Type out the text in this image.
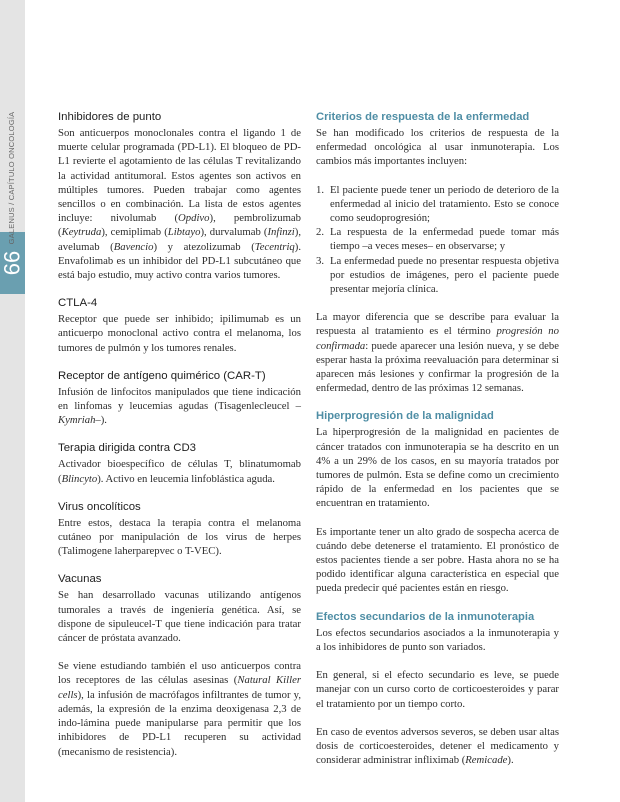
66
GALENUS / CAPÍTULO ONCOLOGÍA	Inhibidores de punto

Son anticuerpos monoclonales contra el ligando 1 de muerte celular programada (PD-L1). El bloqueo de PD-L1 revierte el agotamiento de las células T revitalizando la actividad antitumoral. Estos agentes son activos en múltiples tumores. Pueden trabajar como agentes sencillos o en combinación. La lista de estos agentes incluye: nivolumab (Opdivo), pembrolizumab (Keytruda), cemiplimab (Libtayo), durvalumab (Infinzi), avelumab (Bavencio) y atezolizumab (Tecentriq). Envafolimab es un inhibidor del PD-L1 subcutáneo que está bajo estudio, muy activo contra varios tumores.

CTLA-4

Receptor que puede ser inhibido; ipilimumab es un anticuerpo monoclonal activo contra el melanoma, los tumores de pulmón y los tumores renales.

Receptor de antígeno quimérico (CAR-T)

Infusión de linfocitos manipulados que tiene indicación en linfomas y leucemias agudas (Tisagenlecleucel –Kymriah–).

Terapia dirigida contra CD3

Activador bioespecífico de células T, blinatumomab (Blincyto). Activo en leucemia linfoblástica aguda.

Virus oncolíticos

Entre estos, destaca la terapia contra el melanoma cutáneo por manipulación de los virus de herpes (Talimogene laherparepvec o T-VEC).

Vacunas

Se han desarrollado vacunas utilizando antígenos tumorales a través de ingeniería genética. Así, se dispone de sipuleucel-T que tiene indicación para tratar cáncer de próstata avanzado.

Se viene estudiando también el uso anticuerpos contra los receptores de las células asesinas (Natural Killer cells), la infusión de macrófagos infiltrantes de tumor y, además, la expresión de la enzima deoxigenasa 2,3 de indo-lámina puede manipularse para permitir que los inhibidores de PD-L1 recuperen su actividad (mecanismo de resistencia).

Criterios de respuesta de la enfermedad

Se han modificado los criterios de respuesta de la enfermedad oncológica al usar inmunoterapia. Los cambios más importantes incluyen:

1. El paciente puede tener un periodo de deterioro de la enfermedad al inicio del tratamiento. Esto se conoce como seudoprogresión;
2. La respuesta de la enfermedad puede tomar más tiempo –a veces meses– en observarse; y
3. La enfermedad puede no presentar respuesta objetiva por estudios de imágenes, pero el paciente puede presentar mejoría clínica.

La mayor diferencia que se describe para evaluar la respuesta al tratamiento es el término progresión no confirmada: puede aparecer una lesión nueva, y se debe esperar hasta la próxima reevaluación para determinar si aparecen más lesiones y confirmar la progresión de la enfermedad, dentro de las próximas 12 semanas.

Hiperprogresión de la malignidad

La hiperprogresión de la malignidad en pacientes de cáncer tratados con inmunoterapia se ha descrito en un 4% a un 29% de los casos, en su mayoría tratados por tumores de pulmón. Esta se define como un crecimiento rápido de la enfermedad en los pacientes que se encuentran en tratamiento.

Es importante tener un alto grado de sospecha acerca de cuándo debe detenerse el tratamiento. El pronóstico de estos pacientes tiende a ser pobre. Hasta ahora no se ha podido identificar alguna característica en especial que pueda predecir qué pacientes están en riesgo.

Efectos secundarios de la inmunoterapia

Los efectos secundarios asociados a la inmunoterapia y a los inhibidores de punto son variados.

En general, si el efecto secundario es leve, se puede manejar con un curso corto de corticoesteroides y parar el tratamiento por un tiempo corto.

En caso de eventos adversos severos, se deben usar altas dosis de corticoesteroides, detener el medicamento y considerar administrar infliximab (Remicade).
